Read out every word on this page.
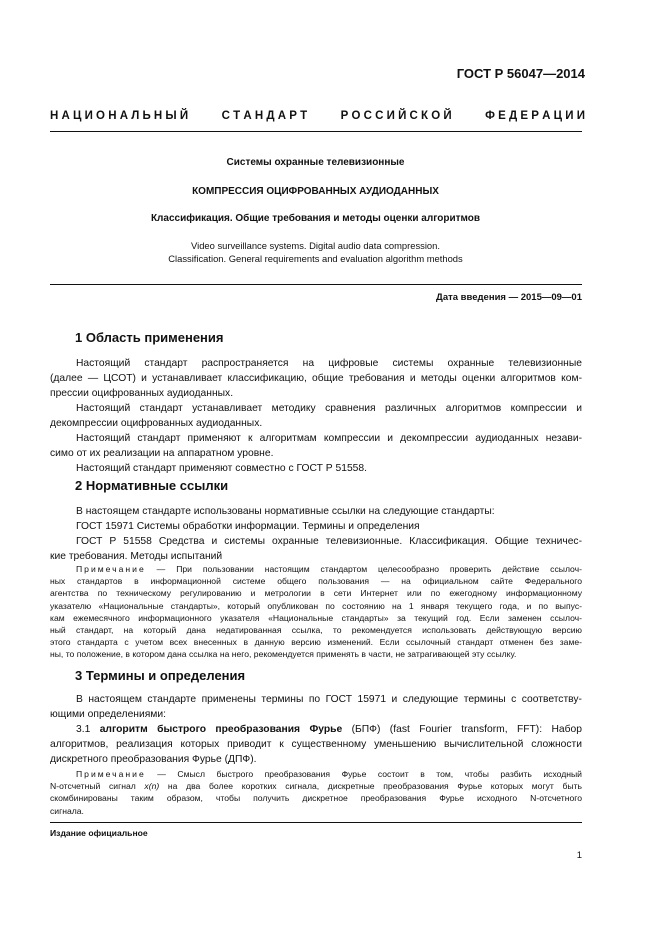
ГОСТ Р 56047—2014
Н А Ц И О Н А Л Ь Н Ы Й	С Т А Н Д А Р Т	Р О С С И Й С К О Й	Ф Е Д Е Р А Ц И И
Системы охранные телевизионные
КОМПРЕССИЯ ОЦИФРОВАННЫХ АУДИОДАННЫХ
Классификация. Общие требования и методы оценки алгоритмов
Video surveillance systems. Digital audio data compression.
Classification. General requirements and evaluation algorithm methods
Дата введения — 2015—09—01
1 Область применения
Настоящий стандарт распространяется на цифровые системы охранные телевизионные
(далее — ЦСОТ) и устанавливает классификацию, общие требования и методы оценки алгоритмов ком-
прессии оцифрованных аудиоданных.
Настоящий стандарт устанавливает методику сравнения различных алгоритмов компрессии и
декомпрессии оцифрованных аудиоданных.
Настоящий стандарт применяют к алгоритмам компрессии и декомпрессии аудиоданных незави-
симо от их реализации на аппаратном уровне.
Настоящий стандарт применяют совместно с ГОСТ Р 51558.
2 Нормативные ссылки
В настоящем стандарте использованы нормативные ссылки на следующие стандарты:
ГОСТ 15971 Системы обработки информации. Термины и определения
ГОСТ Р 51558 Средства и системы охранные телевизионные. Классификация. Общие техничес-
кие требования. Методы испытаний
Примечание — При пользовании настоящим стандартом целесообразно проверить действие ссылоч-
ных стандартов в информационной системе общего пользования — на официальном сайте Федерального
агентства по техническому регулированию и метрологии в сети Интернет или по ежегодному информационному
указателю «Национальные стандарты», который опубликован по состоянию на 1 января текущего года, и по выпус-
кам ежемесячного информационного указателя «Национальные стандарты» за текущий год. Если заменен ссылоч-
ный стандарт, на который дана недатированная ссылка, то рекомендуется использовать действующую версию
этого стандарта с учетом всех внесенных в данную версию изменений. Если ссылочный стандарт отменен без заме-
ны, то положение, в котором дана ссылка на него, рекомендуется применять в части, не затрагивающей эту ссылку.
3 Термины и определения
В настоящем стандарте применены термины по ГОСТ 15971 и следующие термины с соответству-
ющими определениями:
3.1 алгоритм быстрого преобразования Фурье (БПФ) (fast Fourier transform, FFT): Набор
алгоритмов, реализация которых приводит к существенному уменьшению вычислительной сложности
дискретного преобразования Фурье (ДПФ).
Примечание — Смысл быстрого преобразования Фурье состоит в том, чтобы разбить исходный
N-отсчетный сигнал x(n) на два более коротких сигнала, дискретные преобразования Фурье которых могут быть
скомбинированы таким образом, чтобы получить дискретное преобразования Фурье исходного N-отсчетного
сигнала.
Издание официальное
1
